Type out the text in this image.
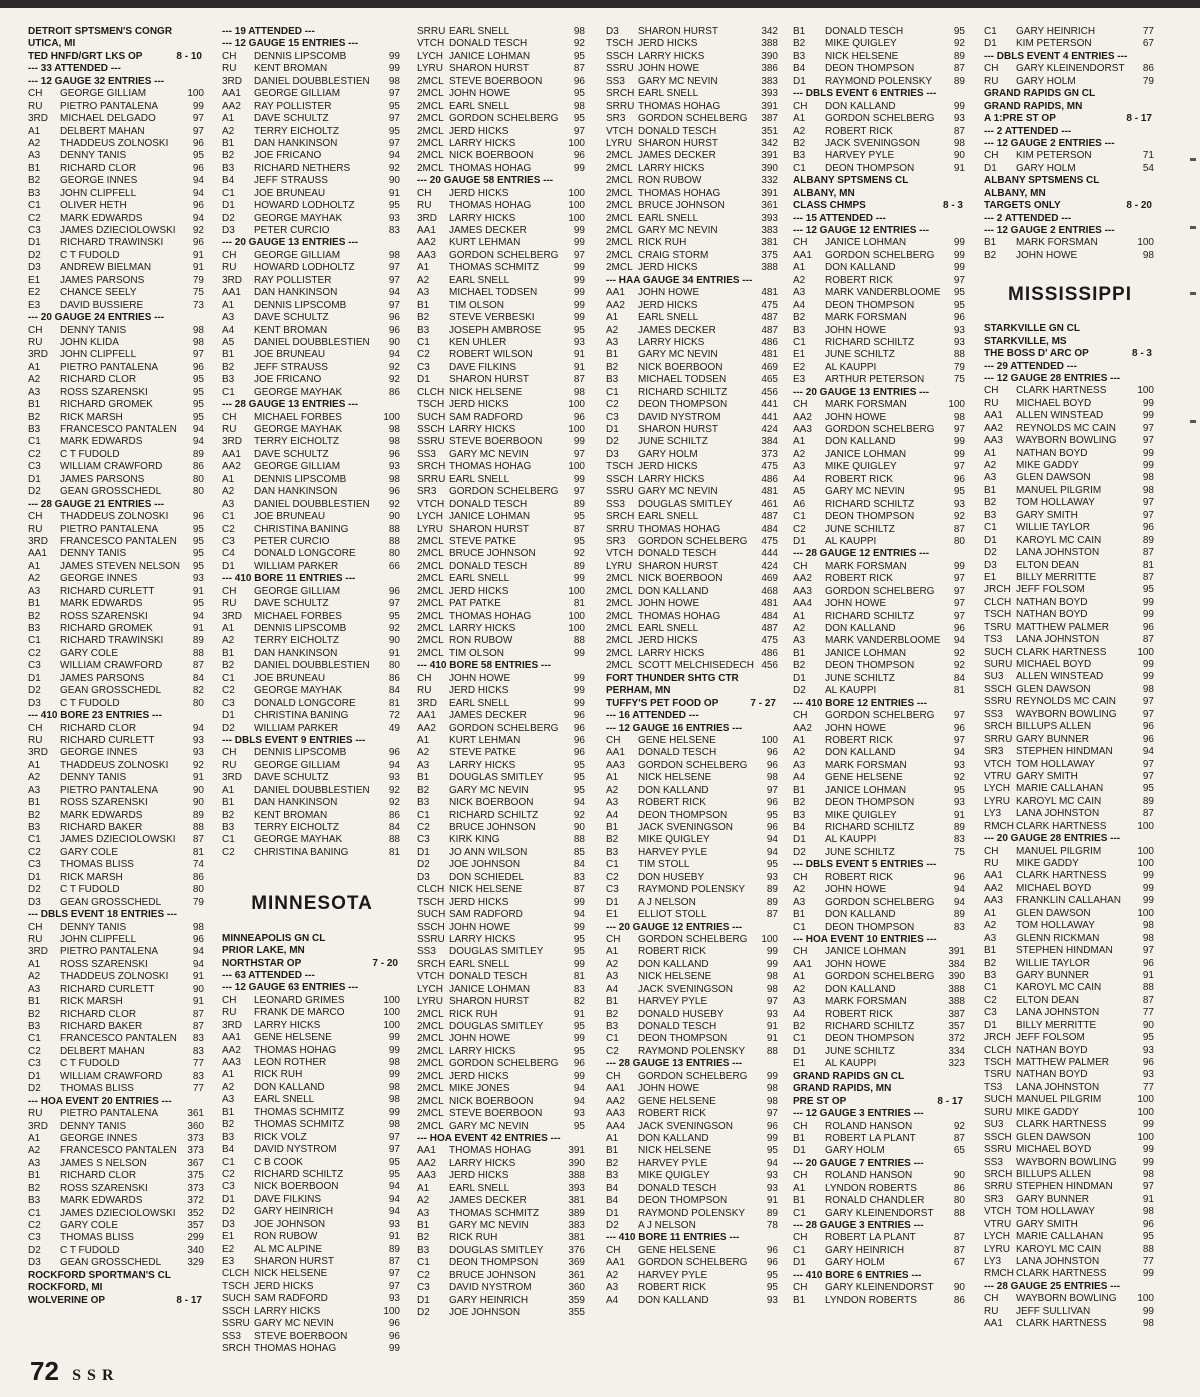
DETROIT SPTSMEN'S CONGR
UTICA, MI
TED HNFD/GRT LKS OP	8 - 10
--- 33 ATTENDED ---
--- 12 GAUGE 32 ENTRIES ---
CH GEORGE GILLIAM	100
RU PIETRO PANTALENA	99
3RD MICHAEL DELGADO	97
A1 DELBERT MAHAN	97
A2 THADDEUS ZOLNOSKI 96
A3 DENNY TANIS	95
B1 RICHARD CLOR	96
B2 GEORGE INNES	94
B3 JOHN CLIPFELL	94
C1 OLIVER HETH	96
C2 MARK EDWARDS	94
C3 JAMES DZIECIOLOWSKI 92
D1 RICHARD TRAWINSKI	96
D2 C T FUDOLD	91
D3 ANDREW BIELMAN	91
E1 JAMES PARSONS	79
E2 CHANCE SEELY	75
E3 DAVID BUSSIERE	73
--- 20 GAUGE 24 ENTRIES ---
CH DENNY TANIS	98
RU JOHN KLIDA	98
3RD JOHN CLIPFELL	97
A1 PIETRO PANTALENA	96
A2 RICHARD CLOR	95
A3 ROSS SZARENSKI	95
B1 RICHARD GROMEK	95
B2 RICK MARSH	95
B3 FRANCESCO PANTALEN 94
C1 MARK EDWARDS	94
C2 C T FUDOLD	89
C3 WILLIAM CRAWFORD	86
D1 JAMES PARSONS	80
D2 GEAN GROSSCHEDL	80
--- 28 GAUGE 21 ENTRIES ---
CH THADDEUS ZOLNOSKI 96
RU PIETRO PANTALENA	95
3RD FRANCESCO PANTALEN 95
AA1 DENNY TANIS	95
A1 JAMES STEVEN NELSON 95
A2 GEORGE INNES	93
A3 RICHARD CURLETT	91
B1 MARK EDWARDS	95
B2 ROSS SZARENSKI	94
B3 RICHARD GROMEK	91
C1 RICHARD TRAWINSKI	89
C2 GARY COLE	88
C3 WILLIAM CRAWFORD	87
D1 JAMES PARSONS	84
D2 GEAN GROSSCHEDL	82
D3 C T FUDOLD	80
--- 410 BORE 23 ENTRIES ---
CH RICHARD CLOR	94
RU RICHARD CURLETT	93
3RD GEORGE INNES	93
A1 THADDEUS ZOLNOSKI 92
A2 DENNY TANIS	91
A3 PIETRO PANTALENA	90
B1 ROSS SZARENSKI	90
B2 MARK EDWARDS	89
B3 RICHARD BAKER	88
C1 JAMES DZIECIOLOWSKI 87
C2 GARY COLE	81
C3 THOMAS BLISS	74
D1 RICK MARSH	86
D2 C T FUDOLD	80
D3 GEAN GROSSCHEDL	79
--- DBLS EVENT 18 ENTRIES ---
CH DENNY TANIS	98
RU JOHN CLIPFELL	96
3RD PIETRO PANTALENA	94
A1 ROSS SZARENSKI	94
A2 THADDEUS ZOLNOSKI 91
A3 RICHARD CURLETT	90
B1 RICK MARSH	91
B2 RICHARD CLOR	87
B3 RICHARD BAKER	87
C1 FRANCESCO PANTALEN 83
C2 DELBERT MAHAN	83
C3 C T FUDOLD	77
D1 WILLIAM CRAWFORD	83
D2 THOMAS BLISS	77
--- HOA EVENT 20 ENTRIES ---
RU PIETRO PANTALENA	361
3RD DENNY TANIS	360
A1 GEORGE INNES	373
A2 FRANCESCO PANTALEN 373
A3 JAMES S NELSON	367
B1 RICHARD CLOR	375
B2 ROSS SZARENSKI	373
B3 MARK EDWARDS	372
C1 JAMES DZIECIOLOWSKI 352
C2 GARY COLE	357
C3 THOMAS BLISS	299
D2 C T FUDOLD	340
D3 GEAN GROSSCHEDL	329
ROCKFORD SPORTMAN'S CL
ROCKFORD, MI
WOLVERINE OP	8 - 17
--- 19 ATTENDED ---
--- 12 GAUGE 15 ENTRIES ---
CH DENNIS LIPSCOMB	99
RU KENT BROMAN	99
3RD DANIEL DOUBBLESTIEN 98
AA1 GEORGE GILLIAM	97
AA2 RAY POLLISTER	95
A1 DAVE SCHULTZ	97
A2 TERRY EICHOLTZ	95
B1 DAN HANKINSON	97
B2 JOE FRICANO	94
B3 RICHARD NETHERS	92
B4 JEFF STRAUSS	90
C1 JOE BRUNEAU	91
D1 HOWARD LODHOLTZ	95
D2 GEORGE MAYHAK	93
D3 PETER CURCIO	83
--- 20 GAUGE 13 ENTRIES ---
CH GEORGE GILLIAM	98
RU HOWARD LODHOLTZ	97
3RD RAY POLLISTER	97
AA1 DAN HANKINSON	94
A1 DENNIS LIPSCOMB	97
A3 DAVE SCHULTZ	96
A4 KENT BROMAN	96
A5 DANIEL DOUBBLESTIEN 90
B1 JOE BRUNEAU	94
B2 JEFF STRAUSS	92
B3 JOE FRICANO	92
C1 GEORGE MAYHAK	86
--- 28 GAUGE 13 ENTRIES ---
CH MICHAEL FORBES	100
RU GEORGE MAYHAK	98
3RD TERRY EICHOLTZ	98
AA1 DAVE SCHULTZ	96
AA2 GEORGE GILLIAM	93
A1 DENNIS LIPSCOMB	98
A2 DAN HANKINSON	96
A3 DANIEL DOUBBLESTIEN 92
C1 JOE BRUNEAU	90
C2 CHRISTINA BANING	88
C3 PETER CURCIO	88
C4 DONALD LONGCORE	80
D1 WILLIAM PARKER	66
--- 410 BORE 11 ENTRIES ---
CH GEORGE GILLIAM	96
RU DAVE SCHULTZ	97
3RD MICHAEL FORBES	95
A1 DENNIS LIPSCOMB	92
A2 TERRY EICHOLTZ	90
B1 DAN HANKINSON	91
B2 DANIEL DOUBBLESTIEN 80
C1 JOE BRUNEAU	86
C2 GEORGE MAYHAK	84
C3 DONALD LONGCORE	81
D1 CHRISTINA BANING	72
D2 WILLIAM PARKER	49
--- DBLS EVENT 9 ENTRIES ---
CH DENNIS LIPSCOMB	96
RU GEORGE GILLIAM	94
3RD DAVE SCHULTZ	93
A1 DANIEL DOUBBLESTIEN 92
B1 DAN HANKINSON	92
B2 KENT BROMAN	86
B3 TERRY EICHOLTZ	84
C1 GEORGE MAYHAK	88
C2 CHRISTINA BANING	81
MINNESOTA
MINNEAPOLIS GN CL
PRIOR LAKE, MN
NORTHSTAR OP	7 - 20
--- 63 ATTENDED ---
--- 12 GAUGE 63 ENTRIES ---
CH LEONARD GRIMES	100
RU FRANK DE MARCO	100
3RD LARRY HICKS	100
AA1 GENE HELSENE	99
AA2 THOMAS HOHAG	99
AA3 LEON ROTHER	98
A1 RICK RUH	99
A2 DON KALLAND	98
A3 EARL SNELL	98
B1 THOMAS SCHMITZ	99
B2 THOMAS SCHMITZ	98
B3 RICK VOLZ	97
B4 DAVID NYSTROM	97
C1 C B COOK	95
C2 RICHARD SCHILTZ	95
C3 NICK BOERBOON	94
D1 DAVE FILKINS	94
D2 GARY HEINRICH	94
D3 JOE JOHNSON	93
E1 RON RUBOW	91
E2 AL MC ALPINE	89
E3 SHARON HURST	87
CLCH NICK HELSENE	97
TSCH JERD HICKS	97
SUCH SAM RADFORD	93
SSCH LARRY HICKS	100
SSRU GARY MC NEVIN	96
SS3 STEVE BOERBOON	96
SRCH THOMAS HOHAG	99
SRRU EARL SNELL	98
VTCH DONALD TESCH	92
LYCH JANICE LOHMAN	95
LYRU SHARON HURST	87
2MCL STEVE BOERBOON	96
2MCL JOHN HOWE	95
2MCL EARL SNELL	98
2MCL GORDON SCHELBERG 95
2MCL JERD HICKS	97
2MCL LARRY HICKS	100
2MCL NICK BOERBOON	96
2MCL THOMAS HOHAG	99
--- 20 GAUGE 58 ENTRIES ---
CH JERD HICKS	100
RU THOMAS HOHAG	100
3RD LARRY HICKS	100
AA1 JAMES DECKER	99
AA2 KURT LEHMAN	99
AA3 GORDON SCHELBERG 97
A1 THOMAS SCHMITZ	99
A2 EARL SNELL	99
A3 MICHAEL TODSEN	99
B1 TIM OLSON	99
B2 STEVE VERBESKI	99
B3 JOSEPH AMBROSE	95
C1 KEN UHLER	93
C2 ROBERT WILSON	91
C3 DAVE FILKINS	91
D1 SHARON HURST	87
CLCH NICK HELSENE	98
TSCH JERD HICKS	100
SUCH SAM RADFORD	96
SSCH LARRY HICKS	100
SSRU STEVE BOERBOON	99
SS3 GARY MC NEVIN	97
SRCH THOMAS HOHAG	100
SRRU EARL SNELL	99
SR3 GORDON SCHELBERG 97
VTCH DONALD TESCH	89
LYCH JANICE LOHMAN	95
LYRU SHARON HURST	87
2MCL STEVE PATKE	95
2MCL BRUCE JOHNSON	92
2MCL DONALD TESCH	89
2MCL EARL SNELL	99
2MCL JERD HICKS	100
2MCL PAT PATKE	81
2MCL THOMAS HOHAG	100
2MCL LARRY HICKS	100
2MCL RON RUBOW	88
2MCL TIM OLSON	99
--- 410 BORE 58 ENTRIES ---
CH JOHN HOWE	99
RU JERD HICKS	99
3RD EARL SNELL	99
AA1 JAMES DECKER	96
AA2 GORDON SCHELBERG 96
A1 KURT LEHMAN	96
A2 STEVE PATKE	96
A3 LARRY HICKS	95
B1 DOUGLAS SMITLEY	95
B2 GARY MC NEVIN	95
B3 NICK BOERBOON	94
C1 RICHARD SCHILTZ	92
C2 BRUCE JOHNSON	90
C3 KIRK KING	88
D1 JO ANN WILSON	85
D2 JOE JOHNSON	84
D3 DON SCHIEDEL	83
CLCH NICK HELSENE	87
TSCH JERD HICKS	99
SUCH SAM RADFORD	94
SSCH JOHN HOWE	99
SSRU LARRY HICKS	95
SS3 DOUGLAS SMITLEY	95
SRCH EARL SNELL	99
VTCH DONALD TESCH	81
LYCH JANICE LOHMAN	83
LYRU SHARON HURST	82
2MCL RICK RUH	91
2MCL DOUGLAS SMITLEY	95
2MCL JOHN HOWE	99
2MCL LARRY HICKS	95
2MCL GORDON SCHELBERG 96
2MCL JERD HICKS	99
2MCL MIKE JONES	94
2MCL NICK BOERBOON	94
2MCL STEVE BOERBOON	93
2MCL GARY MC NEVIN	95
--- HOA EVENT 42 ENTRIES ---
AA1 THOMAS HOHAG	391
AA2 LARRY HICKS	390
AA3 JERD HICKS	388
A1 EARL SNELL	393
A2 JAMES DECKER	381
A3 THOMAS SCHMITZ	389
B1 GARY MC NEVIN	383
B2 RICK RUH	381
B3 DOUGLAS SMITLEY 376
C1 DEON THOMPSON	369
C2 BRUCE JOHNSON	361
C3 DAVID NYSTROM	360
D1 GARY HEINRICH	359
D2 JOE JOHNSON	355
D3 SHARON HURST	342
TSCH JERD HICKS	388
SSCH LARRY HICKS	390
SSRU JOHN HOWE	386
SS3 GARY MC NEVIN	383
SRCH EARL SNELL	393
SRRU THOMAS HOHAG	391
SR3 GORDON SCHELBERG 387
VTCH DONALD TESCH	351
LYRU SHARON HURST	342
2MCL JAMES DECKER	391
2MCL LARRY HICKS	390
2MCL RON RUBOW	332
2MCL THOMAS HOHAG	391
2MCL BRUCE JOHNSON	361
2MCL EARL SNELL	393
2MCL GARY MC NEVIN	383
2MCL RICK RUH	381
2MCL CRAIG STORM	375
2MCL JERD HICKS	388
--- HAA GAUGE 34 ENTRIES ---
AA1 JOHN HOWE	481
AA2 JERD HICKS	475
A1 EARL SNELL	487
A2 JAMES DECKER	487
A3 LARRY HICKS	486
B1 GARY MC NEVIN	481
B2 NICK BOERBOON	469
B3 MICHAEL TODSEN	465
C1 RICHARD SCHILTZ	456
C2 DEON THOMPSON	441
C3 DAVID NYSTROM	441
D1 SHARON HURST	424
D2 JUNE SCHILTZ	384
D3 GARY HOLM	373
TSCH JERD HICKS	475
SSCH LARRY HICKS	486
SSRU GARY MC NEVIN	481
SS3 DOUGLAS SMITLEY	461
SRCH EARL SNELL	487
SRRU THOMAS HOHAG	484
SR3 GORDON SCHELBERG 475
VTCH DONALD TESCH	444
LYRU SHARON HURST	424
2MCL NICK BOERBOON	469
2MCL DON KALLAND	468
2MCL JOHN HOWE	481
2MCL THOMAS HOHAG	484
2MCL EARL SNELL	487
2MCL JERD HICKS	475
2MCL LARRY HICKS	486
2MCL SCOTT MELCHISEDECH 456
FORT THUNDER SHTG CTR
PERHAM, MN
TUFFY'S PET FOOD OP	7 - 27
--- 16 ATTENDED ---
--- 12 GAUGE 16 ENTRIES ---
CH GENE HELSENE	100
AA1 DONALD TESCH	96
AA3 GORDON SCHELBERG 96
A1 NICK HELSENE	98
A2 DON KALLAND	97
A3 ROBERT RICK	96
A4 DEON THOMPSON	95
B1 JACK SVENINGSON	96
B2 MIKE QUIGLEY	94
B3 HARVEY PYLE	94
C1 TIM STOLL	95
C2 DON HUSEBY	93
C3 RAYMOND POLENSKY 89
D1 A J NELSON	89
E1 ELLIOT STOLL	87
--- 20 GAUGE 12 ENTRIES ---
CH GORDON SCHELBERG 100
A1 ROBERT RICK	99
A2 DON KALLAND	99
A3 NICK HELSENE	98
A4 JACK SVENINGSON	98
B1 HARVEY PYLE	97
B2 DONALD HUSEBY	93
B3 DONALD TESCH	91
C1 DEON THOMPSON	91
C2 RAYMOND POLENSKY 88
--- 28 GAUGE 13 ENTRIES ---
CH GORDON SCHELBERG 99
AA1 JOHN HOWE	98
AA2 GENE HELSENE	98
AA3 ROBERT RICK	97
AA4 JACK SVENINGSON	96
A1 DON KALLAND	99
B1 NICK HELSENE	95
B2 HARVEY PYLE	94
B3 MIKE QUIGLEY	93
B4 DONALD TESCH	93
B4 DEON THOMPSON	91
D1 RAYMOND POLENSKY 89
D2 A J NELSON	78
--- 410 BORE 11 ENTRIES ---
CH GENE HELSENE	96
AA1 GORDON SCHELBERG 96
A2 HARVEY PYLE	95
A3 ROBERT RICK	95
A4 DON KALLAND	93
B1 DONALD TESCH	95
B2 MIKE QUIGLEY	92
B3 NICK HELSENE	89
B4 DEON THOMPSON	87
D1 RAYMOND POLENSKY 89
--- DBLS EVENT 6 ENTRIES ---
CH DON KALLAND	99
A1 GORDON SCHELBERG 93
A2 ROBERT RICK	87
B2 JACK SVENINGSON	98
B3 HARVEY PYLE	90
C1 DEON THOMPSON	91
ALBANY SPTSMENS CL
ALBANY, MN
CLASS CHMPS	8 - 3
--- 15 ATTENDED ---
--- 12 GAUGE 12 ENTRIES ---
CH JANICE LOHMAN	99
AA1 GORDON SCHELBERG 99
A1 DON KALLAND	99
A2 ROBERT RICK	97
A3 MARK VANDERBLOOME 95
A4 DEON THOMPSON	95
B2 MARK FORSMAN	96
B3 JOHN HOWE	93
C1 RICHARD SCHILTZ	93
E1 JUNE SCHILTZ	88
E2 AL KAUPPI	79
E3 ARTHUR PETERSON	75
--- 20 GAUGE 13 ENTRIES ---
CH MARK FORSMAN	100
AA2 JOHN HOWE	98
AA3 GORDON SCHELBERG 97
A1 DON KALLAND	99
A2 JANICE LOHMAN	99
A3 MIKE QUIGLEY	97
A4 ROBERT RICK	96
A5 GARY MC NEVIN	95
A6 RICHARD SCHILTZ	93
C1 DEON THOMPSON	92
C2 JUNE SCHILTZ	87
D1 AL KAUPPI	80
--- 28 GAUGE 12 ENTRIES ---
CH MARK FORSMAN	99
AA2 ROBERT RICK	97
AA3 GORDON SCHELBERG 97
AA4 JOHN HOWE	97
A1 RICHARD SCHILTZ	97
A2 DON KALLAND	96
A3 MARK VANDERBLOOME 94
B1 JANICE LOHMAN	92
B2 DEON THOMPSON	92
D1 JUNE SCHILTZ	84
D2 AL KAUPPI	81
--- 410 BORE 12 ENTRIES ---
CH GORDON SCHELBERG 97
AA2 JOHN HOWE	96
A1 ROBERT RICK	97
A2 DON KALLAND	94
A3 MARK FORSMAN	93
A4 GENE HELSENE	92
B1 JANICE LOHMAN	95
B2 DEON THOMPSON	93
B3 MIKE QUIGLEY	91
B4 RICHARD SCHILTZ	89
D1 AL KAUPPI	83
D2 JUNE SCHILTZ	75
--- DBLS EVENT 5 ENTRIES ---
CH ROBERT RICK	96
A2 JOHN HOWE	94
A3 GORDON SCHELBERG 94
B1 DON KALLAND	89
C1 DEON THOMPSON	83
--- HOA EVENT 10 ENTRIES ---
CH JANICE LOHMAN	391
AA1 JOHN HOWE	384
A1 GORDON SCHELBERG 390
A2 DON KALLAND	388
A3 MARK FORSMAN	388
A4 ROBERT RICK	387
B2 RICHARD SCHILTZ	357
C1 DEON THOMPSON	372
D1 JUNE SCHILTZ	334
E1 AL KAUPPI	323
GRAND RAPIDS GN CL
GRAND RAPIDS, MN
PRE ST OP	8 - 17
--- 12 GAUGE 3 ENTRIES ---
CH ROLAND HANSON	92
B1 ROBERT LA PLANT	87
D1 GARY HOLM	65
--- 20 GAUGE 7 ENTRIES ---
CH ROLAND HANSON	90
A1 LYNDON ROBERTS	86
B1 RONALD CHANDLER	80
C1 GARY KLEINENDORST 88
--- 28 GAUGE 3 ENTRIES ---
CH ROBERT LA PLANT	87
C1 GARY HEINRICH	87
D1 GARY HOLM	67
--- 410 BORE 6 ENTRIES ---
CH GARY KLEINENDORST 90
B1 LYNDON ROBERTS	86
C1 GARY HEINRICH	77
D1 KIM PETERSON	67
--- DBLS EVENT 4 ENTRIES ---
CH GARY KLEINENDORST 86
RU GARY HOLM	79
GRAND RAPIDS GN CL
GRAND RAPIDS, MN
A 1:PRE ST OP	8 - 17
--- 2 ATTENDED ---
--- 12 GAUGE 2 ENTRIES ---
CH KIM PETERSON	71
D1 GARY HOLM	54
ALBANY SPTSMENS CL
ALBANY, MN
TARGETS ONLY	8 - 20
--- 2 ATTENDED ---
--- 12 GAUGE 2 ENTRIES ---
B1 MARK FORSMAN	100
B2 JOHN HOWE	98
MISSISSIPPI
STARKVILLE GN CL
STARKVILLE, MS
THE BOSS D' ARC OP	8 - 3
--- 29 ATTENDED ---
--- 12 GAUGE 28 ENTRIES ---
CH CLARK HARTNESS	100
RU MICHAEL BOYD	99
AA1 ALLEN WINSTEAD	99
AA2 REYNOLDS MC CAIN	97
AA3 WAYBORN BOWLING	97
A1 NATHAN BOYD	99
A2 MIKE GADDY	99
A3 GLEN DAWSON	98
B1 MANUEL PILGRIM	98
B2 TOM HOLLAWAY	97
B3 GARY SMITH	97
C1 WILLIE TAYLOR	96
D1 KAROYL MC CAIN	89
D2 LANA JOHNSTON	87
D3 ELTON DEAN	81
E1 BILLY MERRITTE	87
JRCH JEFF FOLSOM	95
CLCH NATHAN BOYD	99
TSCH NATHAN BOYD	99
TSRU MATTHEW PALMER	96
TS3 LANA JOHNSTON	87
SUCH CLARK HARTNESS	100
SURU MICHAEL BOYD	99
SU3 ALLEN WINSTEAD	99
SSCH GLEN DAWSON	98
SSRU REYNOLDS MC CAIN	97
SS3 WAYBORN BOWLING	97
SRCH BILLUPS ALLEN	96
SRRU GARY BUNNER	96
SR3 STEPHEN HINDMAN	94
VTCH TOM HOLLAWAY	97
VTRU GARY SMITH	97
LYCH MARIE CALLAHAN	95
LYRU KAROYL MC CAIN	89
LY3 LANA JOHNSTON	87
RMCH CLARK HARTNESS	100
--- 20 GAUGE 28 ENTRIES ---
CH MANUEL PILGRIM	100
RU MIKE GADDY	100
AA1 CLARK HARTNESS	99
AA2 MICHAEL BOYD	99
AA3 FRANKLIN CALLAHAN 99
A1 GLEN DAWSON	100
A2 TOM HOLLAWAY	98
A3 GLENN RICKMAN	98
B1 STEPHEN HINDMAN	97
B2 WILLIE TAYLOR	96
B3 GARY BUNNER	91
C1 KAROYL MC CAIN	88
C2 ELTON DEAN	87
C3 LANA JOHNSTON	77
D1 BILLY MERRITTE	90
JRCH JEFF FOLSOM	95
CLCH NATHAN BOYD	93
TSCH MATTHEW PALMER	96
TSRU NATHAN BOYD	93
TS3 LANA JOHNSTON	77
SUCH MANUEL PILGRIM	100
SURU MIKE GADDY	100
SU3 CLARK HARTNESS	99
SSCH GLEN DAWSON	100
SSRU MICHAEL BOYD	99
SS3 WAYBORN BOWLING	99
SRCH BILLUPS ALLEN	98
SRRU STEPHEN HINDMAN	97
SR3 GARY BUNNER	91
VTCH TOM HOLLAWAY	98
VTRU GARY SMITH	96
LYCH MARIE CALLAHAN	95
LYRU KAROYL MC CAIN	88
LY3 LANA JOHNSTON	77
RMCH CLARK HARTNESS	99
--- 28 GAUGE 25 ENTRIES ---
CH WAYBORN BOWLING 100
RU JEFF SULLIVAN	99
AA1 CLARK HARTNESS	98
72 SSR
